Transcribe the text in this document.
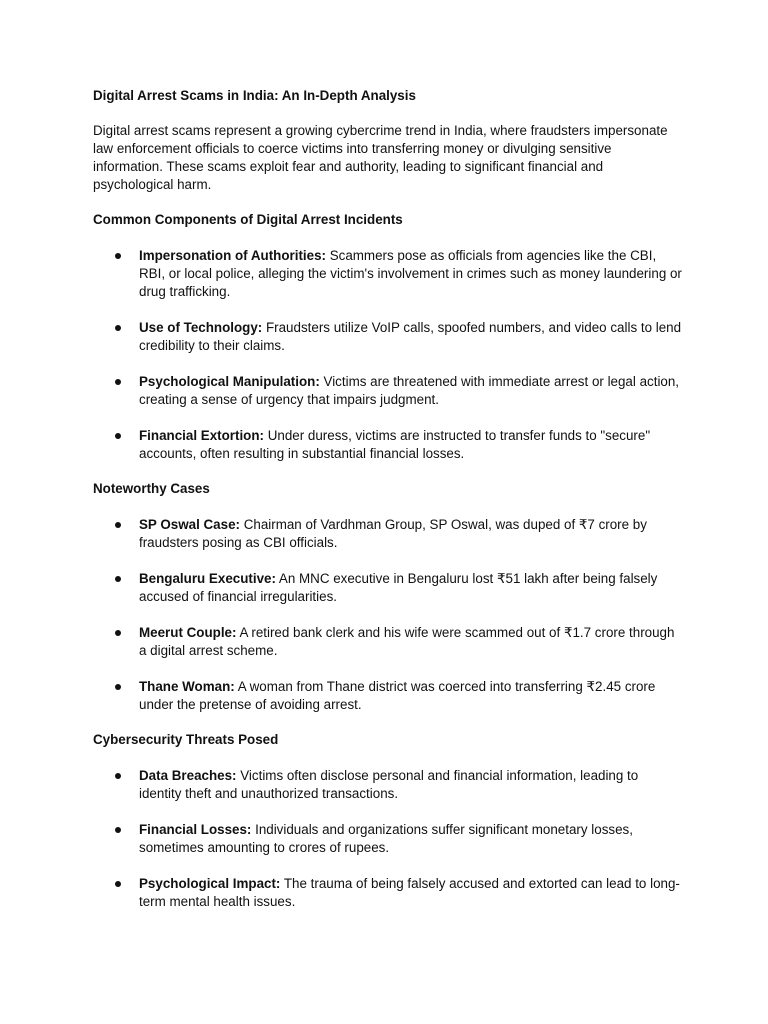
Digital Arrest Scams in India: An In-Depth Analysis

Digital arrest scams represent a growing cybercrime trend in India, where fraudsters impersonate law enforcement officials to coerce victims into transferring money or divulging sensitive information. These scams exploit fear and authority, leading to significant financial and psychological harm.

Common Components of Digital Arrest Incidents

Impersonation of Authorities: Scammers pose as officials from agencies like the CBI, RBI, or local police, alleging the victim's involvement in crimes such as money laundering or drug trafficking.
Use of Technology: Fraudsters utilize VoIP calls, spoofed numbers, and video calls to lend credibility to their claims.
Psychological Manipulation: Victims are threatened with immediate arrest or legal action, creating a sense of urgency that impairs judgment.
Financial Extortion: Under duress, victims are instructed to transfer funds to "secure" accounts, often resulting in substantial financial losses.

Noteworthy Cases

SP Oswal Case: Chairman of Vardhman Group, SP Oswal, was duped of ₹7 crore by fraudsters posing as CBI officials.
Bengaluru Executive: An MNC executive in Bengaluru lost ₹51 lakh after being falsely accused of financial irregularities.
Meerut Couple: A retired bank clerk and his wife were scammed out of ₹1.7 crore through a digital arrest scheme.
Thane Woman: A woman from Thane district was coerced into transferring ₹2.45 crore under the pretense of avoiding arrest.

Cybersecurity Threats Posed

Data Breaches: Victims often disclose personal and financial information, leading to identity theft and unauthorized transactions.
Financial Losses: Individuals and organizations suffer significant monetary losses, sometimes amounting to crores of rupees.
Psychological Impact: The trauma of being falsely accused and extorted can lead to long-term mental health issues.
